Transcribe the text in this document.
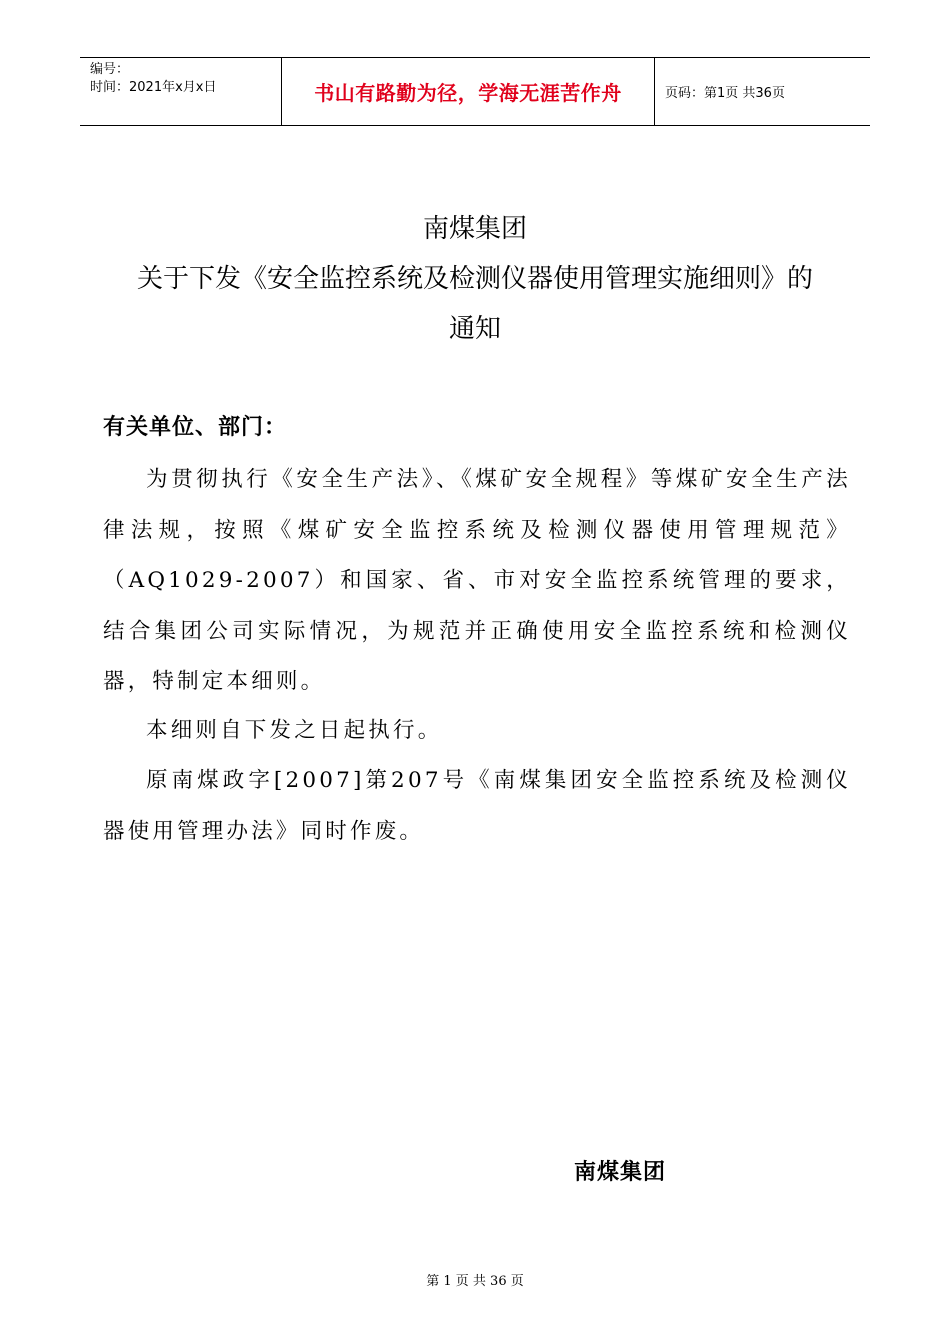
编号：
时间：2021年x月x日	书山有路勤为径，学海无涯苦作舟	页码：第1页 共36页
南煤集团
关于下发《安全监控系统及检测仪器使用管理实施细则》的
通知
有关单位、部门：

为贯彻执行《安全生产法》、《煤矿安全规程》等煤矿安全生产法律法规，按照《煤矿安全监控系统及检测仪器使用管理规范》（AQ1029-2007）和国家、省、市对安全监控系统管理的要求，结合集团公司实际情况，为规范并正确使用安全监控系统和检测仪器，特制定本细则。

本细则自下发之日起执行。

原南煤政字[2007]第207号《南煤集团安全监控系统及检测仪器使用管理办法》同时作废。

南煤集团
第 1 页 共 36 页
